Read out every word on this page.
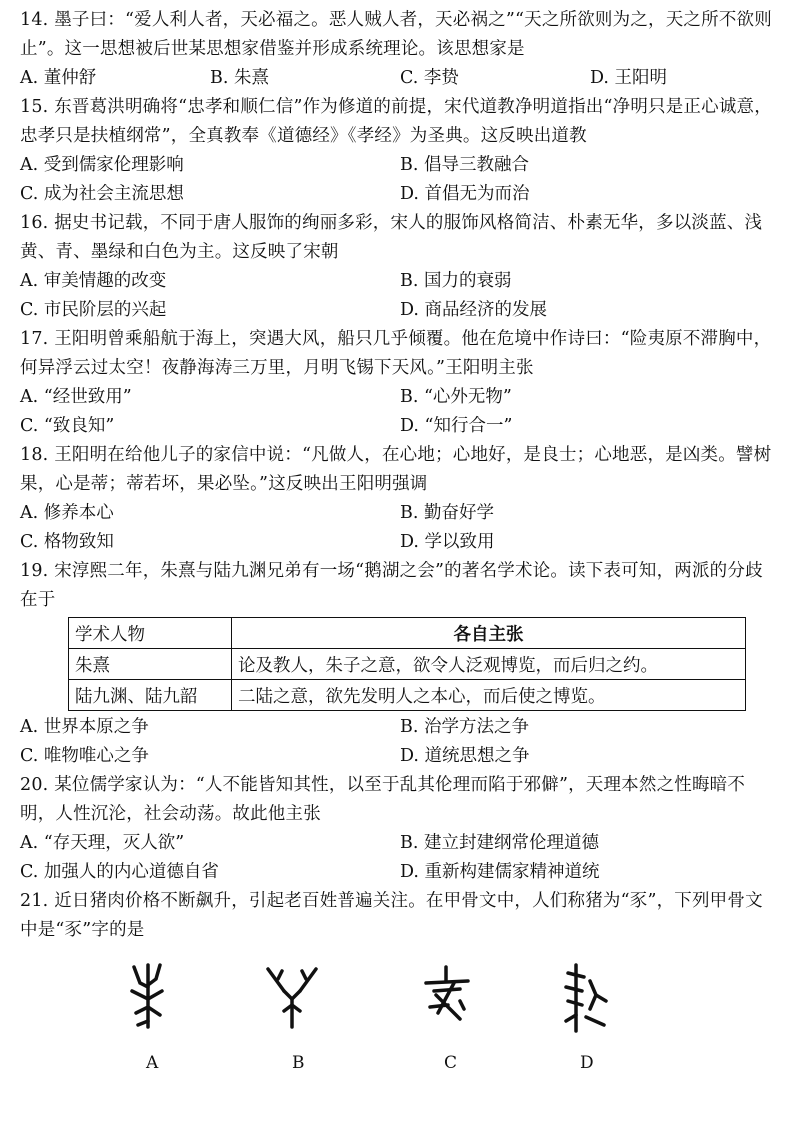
14. 墨子曰：“爱人利人者，天必福之。恶人贼人者，天必祸之”“天之所欲则为之，天之所不欲则止”。这一思想被后世某思想家借鉴并形成系统理论。该思想家是

A. 董仲舒	B. 朱熹	C. 李贽	D. 王阳明

15. 东晋葛洪明确将“忠孝和顺仁信”作为修道的前提，宋代道教净明道指出“净明只是正心诚意，忠孝只是扶植纲常”，全真教奉《道德经》《孝经》为圣典。这反映出道教

A. 受到儒家伦理影响	B. 倡导三教融合
C. 成为社会主流思想	D. 首倡无为而治

16. 据史书记载，不同于唐人服饰的绚丽多彩，宋人的服饰风格简洁、朴素无华，多以淡蓝、浅黄、青、墨绿和白色为主。这反映了宋朝

A. 审美情趣的改变	B. 国力的衰弱
C. 市民阶层的兴起	D. 商品经济的发展

17. 王阳明曾乘船航于海上，突遇大风，船只几乎倾覆。他在危境中作诗曰：“险夷原不滞胸中，何异浮云过太空！夜静海涛三万里，月明飞锡下天风。”王阳明主张

A. “经世致用”	B. “心外无物”
C. “致良知”	D. “知行合一”

18. 王阳明在给他儿子的家信中说：“凡做人，在心地；心地好，是良士；心地恶，是凶类。譬树果，心是蒂；蒂若坏，果必坠。”这反映出王阳明强调

A. 修养本心	B. 勤奋好学
C. 格物致知	D. 学以致用

19. 宋淳熙二年，朱熹与陆九渊兄弟有一场“鹅湖之会”的著名学术论。读下表可知，两派的分歧在于

学术人物	各自主张
朱熹	论及教人，朱子之意，欲令人泛观博览，而后归之约。
陆九渊、陆九韶	二陆之意，欲先发明人之本心，而后使之博览。
A. 世界本原之争	B. 治学方法之争
C. 唯物唯心之争	D. 道统思想之争

20. 某位儒学家认为：“人不能皆知其性，以至于乱其伦理而陷于邪僻”，天理本然之性晦暗不明，人性沉沦，社会动荡。故此他主张

A. “存天理，灭人欲”	B. 建立封建纲常伦理道德
C. 加强人的内心道德自省	D. 重新构建儒家精神道统

21. 近日猪肉价格不断飙升，引起老百姓普遍关注。在甲骨文中，人们称猪为“豕”，下列甲骨文中是“豕”字的是

A	B	C	D
